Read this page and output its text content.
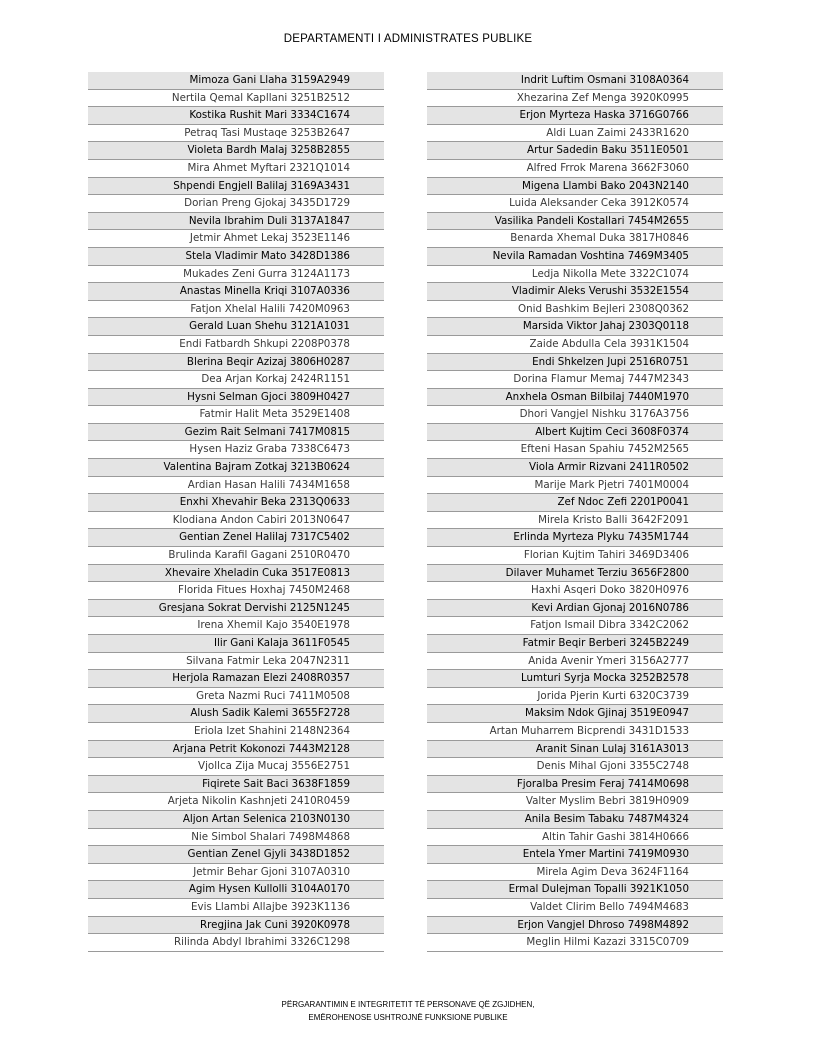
DEPARTAMENTI I ADMINISTRATES PUBLIKE
Mimoza Gani Llaha 3159A2949
Nertila Qemal Kapllani 3251B2512
Kostika Rushit Mari 3334C1674
Petraq Tasi Mustaqe 3253B2647
Violeta Bardh Malaj 3258B2855
Mira Ahmet Myftari 2321Q1014
Shpendi Engjell Balilaj 3169A3431
Dorian Preng Gjokaj 3435D1729
Nevila Ibrahim Duli 3137A1847
Jetmir Ahmet Lekaj 3523E1146
Stela Vladimir Mato 3428D1386
Mukades Zeni Gurra 3124A1173
Anastas Minella Kriqi 3107A0336
Fatjon Xhelal Halili 7420M0963
Gerald Luan Shehu 3121A1031
Endi Fatbardh Shkupi 2208P0378
Blerina Beqir Azizaj 3806H0287
Dea Arjan Korkaj 2424R1151
Hysni Selman Gjoci 3809H0427
Fatmir Halit Meta 3529E1408
Gezim Rait Selmani 7417M0815
Hysen Haziz Graba 7338C6473
Valentina Bajram Zotkaj 3213B0624
Ardian Hasan Halili 7434M1658
Enxhi Xhevahir Beka 2313Q0633
Klodiana Andon Cabiri 2013N0647
Gentian Zenel Halilaj 7317C5402
Brulinda Karafil Gagani 2510R0470
Xhevaire Xheladin Cuka 3517E0813
Florida Fitues Hoxhaj 7450M2468
Gresjana Sokrat Dervishi 2125N1245
Irena Xhemil Kajo 3540E1978
Ilir Gani Kalaja 3611F0545
Silvana Fatmir Leka 2047N2311
Herjola Ramazan Elezi 2408R0357
Greta Nazmi Ruci 7411M0508
Alush Sadik Kalemi 3655F2728
Eriola Izet Shahini 2148N2364
Arjana Petrit Kokonozi 7443M2128
Vjollca Zija Mucaj 3556E2751
Fiqirete Sait Baci 3638F1859
Arjeta Nikolin Kashnjeti 2410R0459
Aljon Artan Selenica 2103N0130
Nie Simbol Shalari 7498M4868
Gentian Zenel Gjyli 3438D1852
Jetmir Behar Gjoni 3107A0310
Agim Hysen Kullolli 3104A0170
Evis Llambi Allajbe 3923K1136
Rregjina Jak Cuni 3920K0978
Rilinda Abdyl Ibrahimi 3326C1298
Indrit Luftim Osmani 3108A0364
Xhezarina Zef Menga 3920K0995
Erjon Myrteza Haska 3716G0766
Aldi Luan Zaimi 2433R1620
Artur Sadedin Baku 3511E0501
Alfred Frrok Marena 3662F3060
Migena Llambi Bako 2043N2140
Luida Aleksander Ceka 3912K0574
Vasilika Pandeli Kostallari 7454M2655
Benarda Xhemal Duka 3817H0846
Nevila Ramadan Voshtina 7469M3405
Ledja Nikolla Mete 3322C1074
Vladimir Aleks Verushi 3532E1554
Onid Bashkim Bejleri 2308Q0362
Marsida Viktor Jahaj 2303Q0118
Zaide Abdulla Cela 3931K1504
Endi Shkelzen Jupi 2516R0751
Dorina Flamur Memaj 7447M2343
Anxhela Osman Bilbilaj 7440M1970
Dhori Vangjel Nishku 3176A3756
Albert Kujtim Ceci 3608F0374
Efteni Hasan Spahiu 7452M2565
Viola Armir Rizvani 2411R0502
Marije Mark Pjetri 7401M0004
Zef Ndoc Zefi 2201P0041
Mirela Kristo Balli 3642F2091
Erlinda Myrteza Plyku 7435M1744
Florian Kujtim Tahiri 3469D3406
Dilaver Muhamet Terziu 3656F2800
Haxhi Asqeri Doko 3820H0976
Kevi Ardian Gjonaj 2016N0786
Fatjon Ismail Dibra 3342C2062
Fatmir Beqir Berberi 3245B2249
Anida Avenir Ymeri 3156A2777
Lumturi Syrja Mocka 3252B2578
Jorida Pjerin Kurti 6320C3739
Maksim Ndok Gjinaj 3519E0947
Artan Muharrem Bicprendi 3431D1533
Aranit Sinan Lulaj 3161A3013
Denis Mihal Gjoni 3355C2748
Fjoralba Presim Feraj 7414M0698
Valter Myslim Bebri 3819H0909
Anila Besim Tabaku 7487M4324
Altin Tahir Gashi 3814H0666
Entela Ymer Martini 7419M0930
Mirela Agim Deva 3624F1164
Ermal Dulejman Topalli 3921K1050
Valdet Clirim Bello 7494M4683
Erjon Vangjel Dhroso 7498M4892
Meglin Hilmi Kazazi 3315C0709
PËRGARANTIMIN E INTEGRITETIT TË PERSONAVE QË ZGJIDHEN,
EMËROHENOSE USHTROJNË FUNKSIONE PUBLIKE
